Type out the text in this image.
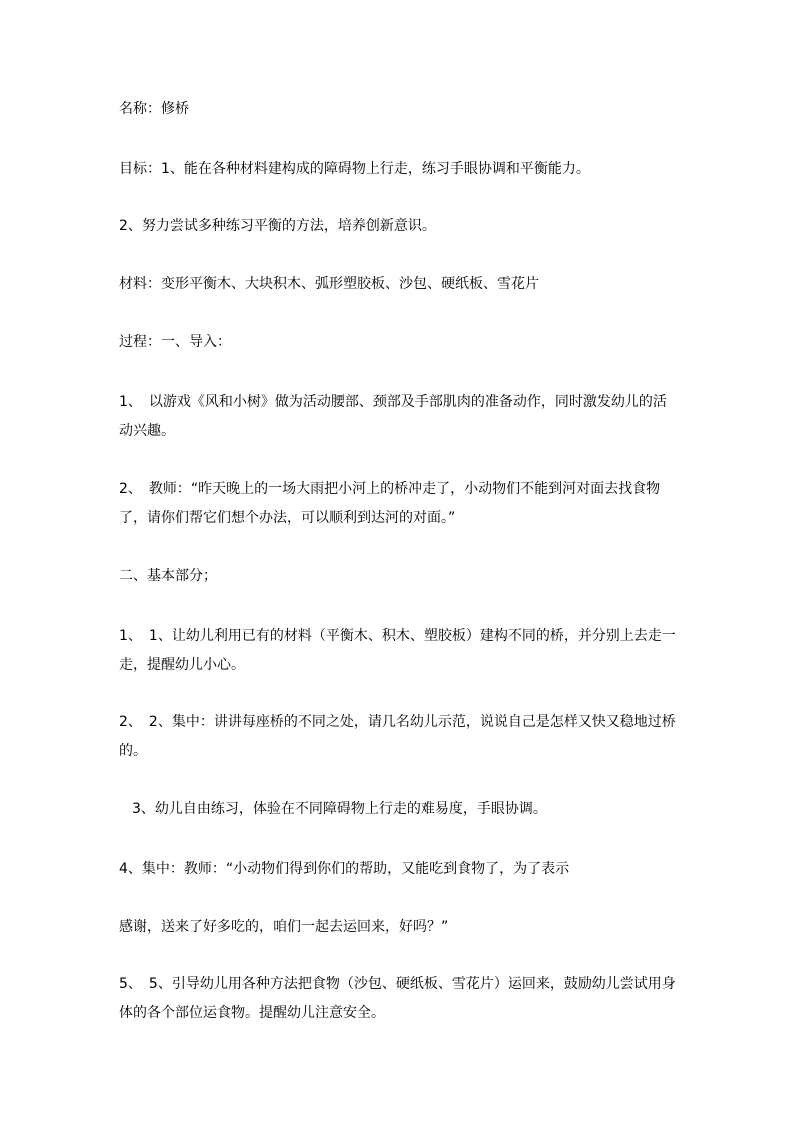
名称：修桥
目标：1、能在各种材料建构成的障碍物上行走，练习手眼协调和平衡能力。
2、努力尝试多种练习平衡的方法，培养创新意识。
材料：变形平衡木、大块积木、弧形塑胶板、沙包、硬纸板、雪花片
过程：一、导入：
1、　以游戏《风和小树》做为活动腰部、颈部及手部肌肉的准备动作，同时激发幼儿的活动兴趣。
2、　教师：“昨天晚上的一场大雨把小河上的桥冲走了，小动物们不能到河对面去找食物了，请你们帮它们想个办法，可以顺利到达河的对面。”
二、基本部分；
1、　1、让幼儿利用已有的材料（平衡木、积木、塑胶板）建构不同的桥，并分别上去走一走，提醒幼儿小心。
2、　2、集中：讲讲每座桥的不同之处，请几名幼儿示范，说说自己是怎样又快又稳地过桥的。
3、幼儿自由练习，体验在不同障碍物上行走的难易度，手眼协调。
4、集中：教师：“小动物们得到你们的帮助，又能吃到食物了，为了表示
感谢，送来了好多吃的，咱们一起去运回来，好吗？”
5、　5、引导幼儿用各种方法把食物（沙包、硬纸板、雪花片）运回来，鼓励幼儿尝试用身体的各个部位运食物。提醒幼儿注意安全。
